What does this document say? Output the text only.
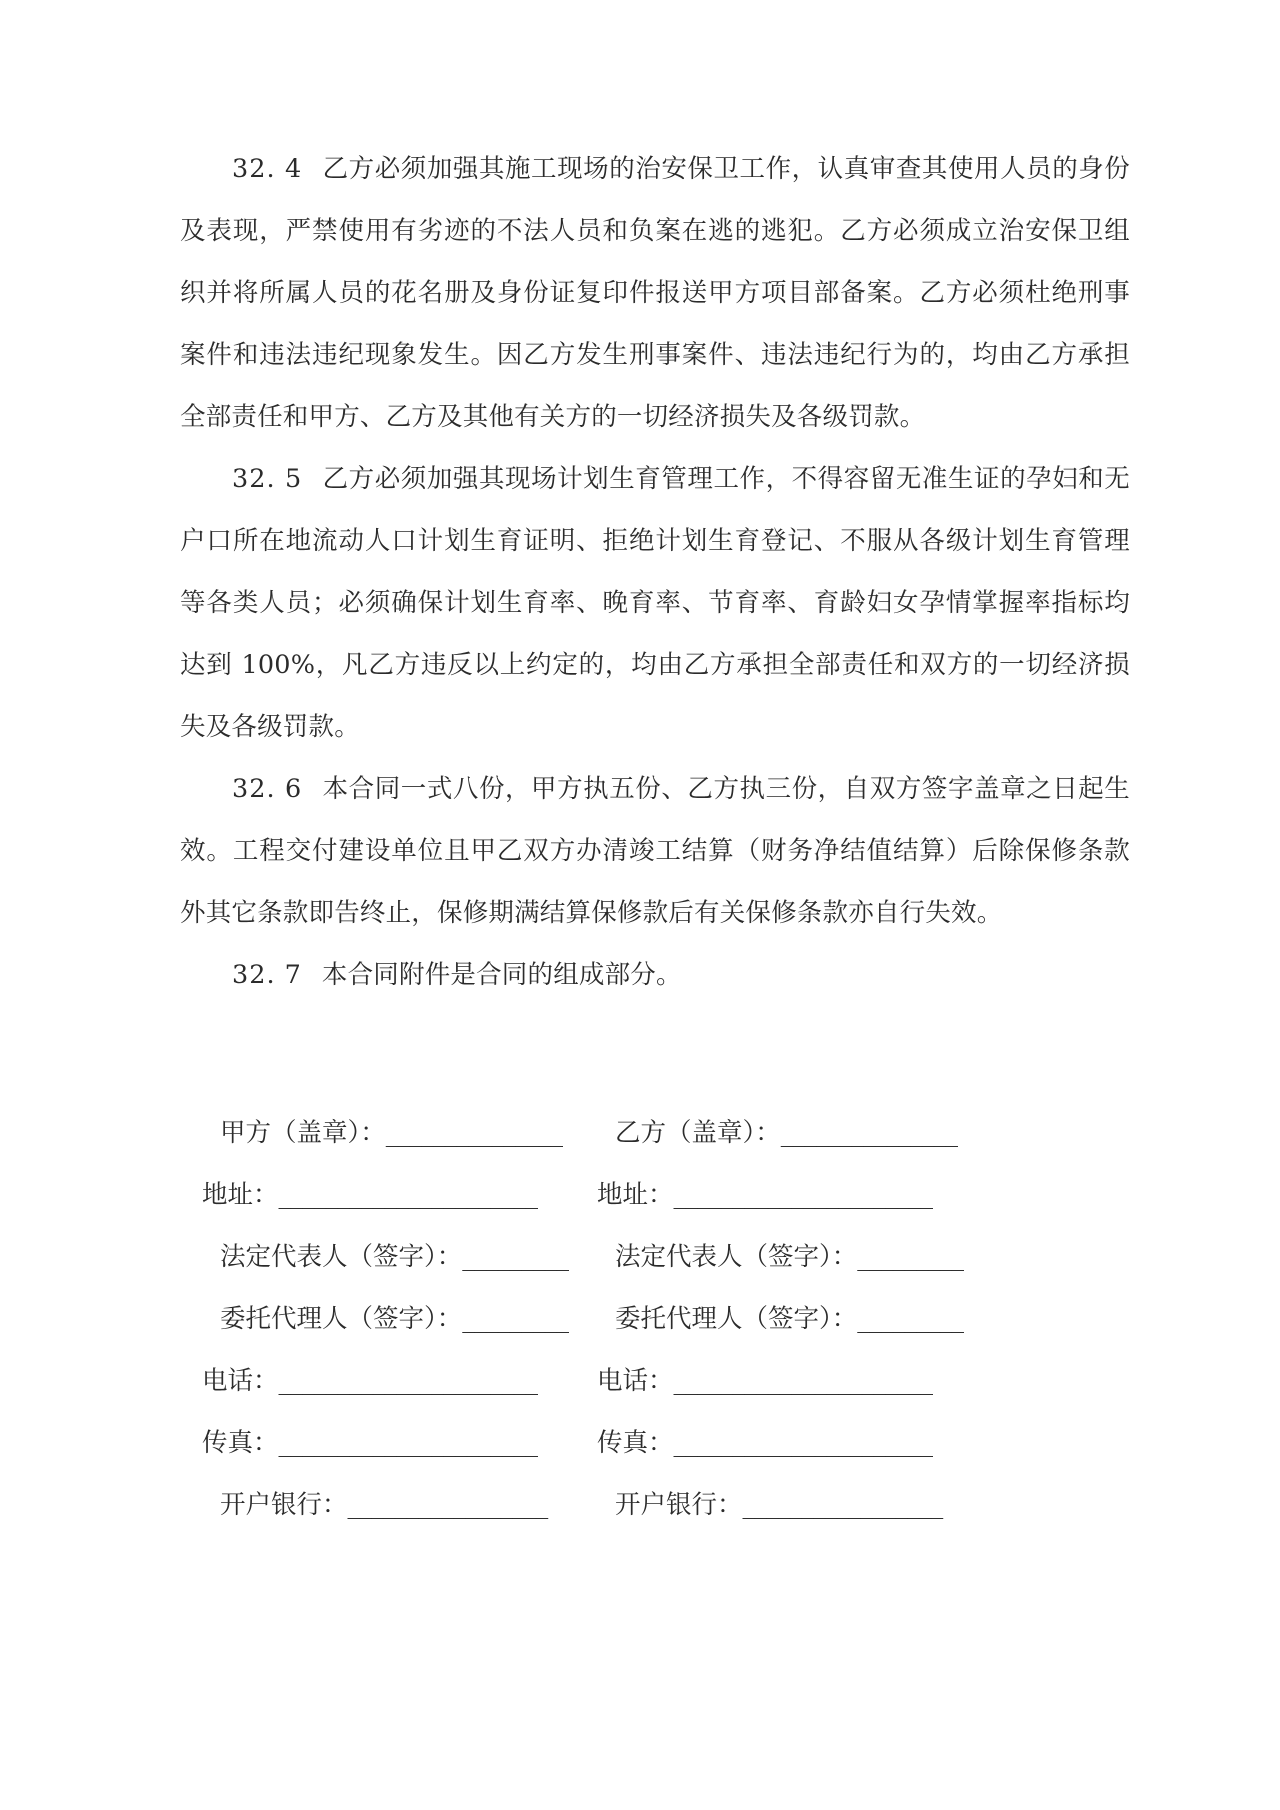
32. 4 乙方必须加强其施工现场的治安保卫工作，认真审查其使用人员的身份及表现，严禁使用有劣迹的不法人员和负案在逃的逃犯。乙方必须成立治安保卫组织并将所属人员的花名册及身份证复印件报送甲方项目部备案。乙方必须杜绝刑事案件和违法违纪现象发生。因乙方发生刑事案件、违法违纪行为的，均由乙方承担全部责任和甲方、乙方及其他有关方的一切经济损失及各级罚款。

32. 5 乙方必须加强其现场计划生育管理工作，不得容留无准生证的孕妇和无户口所在地流动人口计划生育证明、拒绝计划生育登记、不服从各级计划生育管理等各类人员；必须确保计划生育率、晚育率、节育率、育龄妇女孕情掌握率指标均达到 100%，凡乙方违反以上约定的，均由乙方承担全部责任和双方的一切经济损失及各级罚款。

32. 6 本合同一式八份，甲方执五份、乙方执三份，自双方签字盖章之日起生效。工程交付建设单位且甲乙双方办清竣工结算（财务净结值结算）后除保修条款外其它条款即告终止，保修期满结算保修款后有关保修条款亦自行失效。

32. 7 本合同附件是合同的组成部分。

甲方（盖章）：_______________	乙方（盖章）：_______________
地址：______________________	地址：______________________
法定代表人（签字）：_________	法定代表人（签字）：_________
委托代理人（签字）：_________	委托代理人（签字）：_________
电话：______________________	电话：______________________
传真：______________________	传真：______________________
开户银行：_________________	开户银行：_________________
